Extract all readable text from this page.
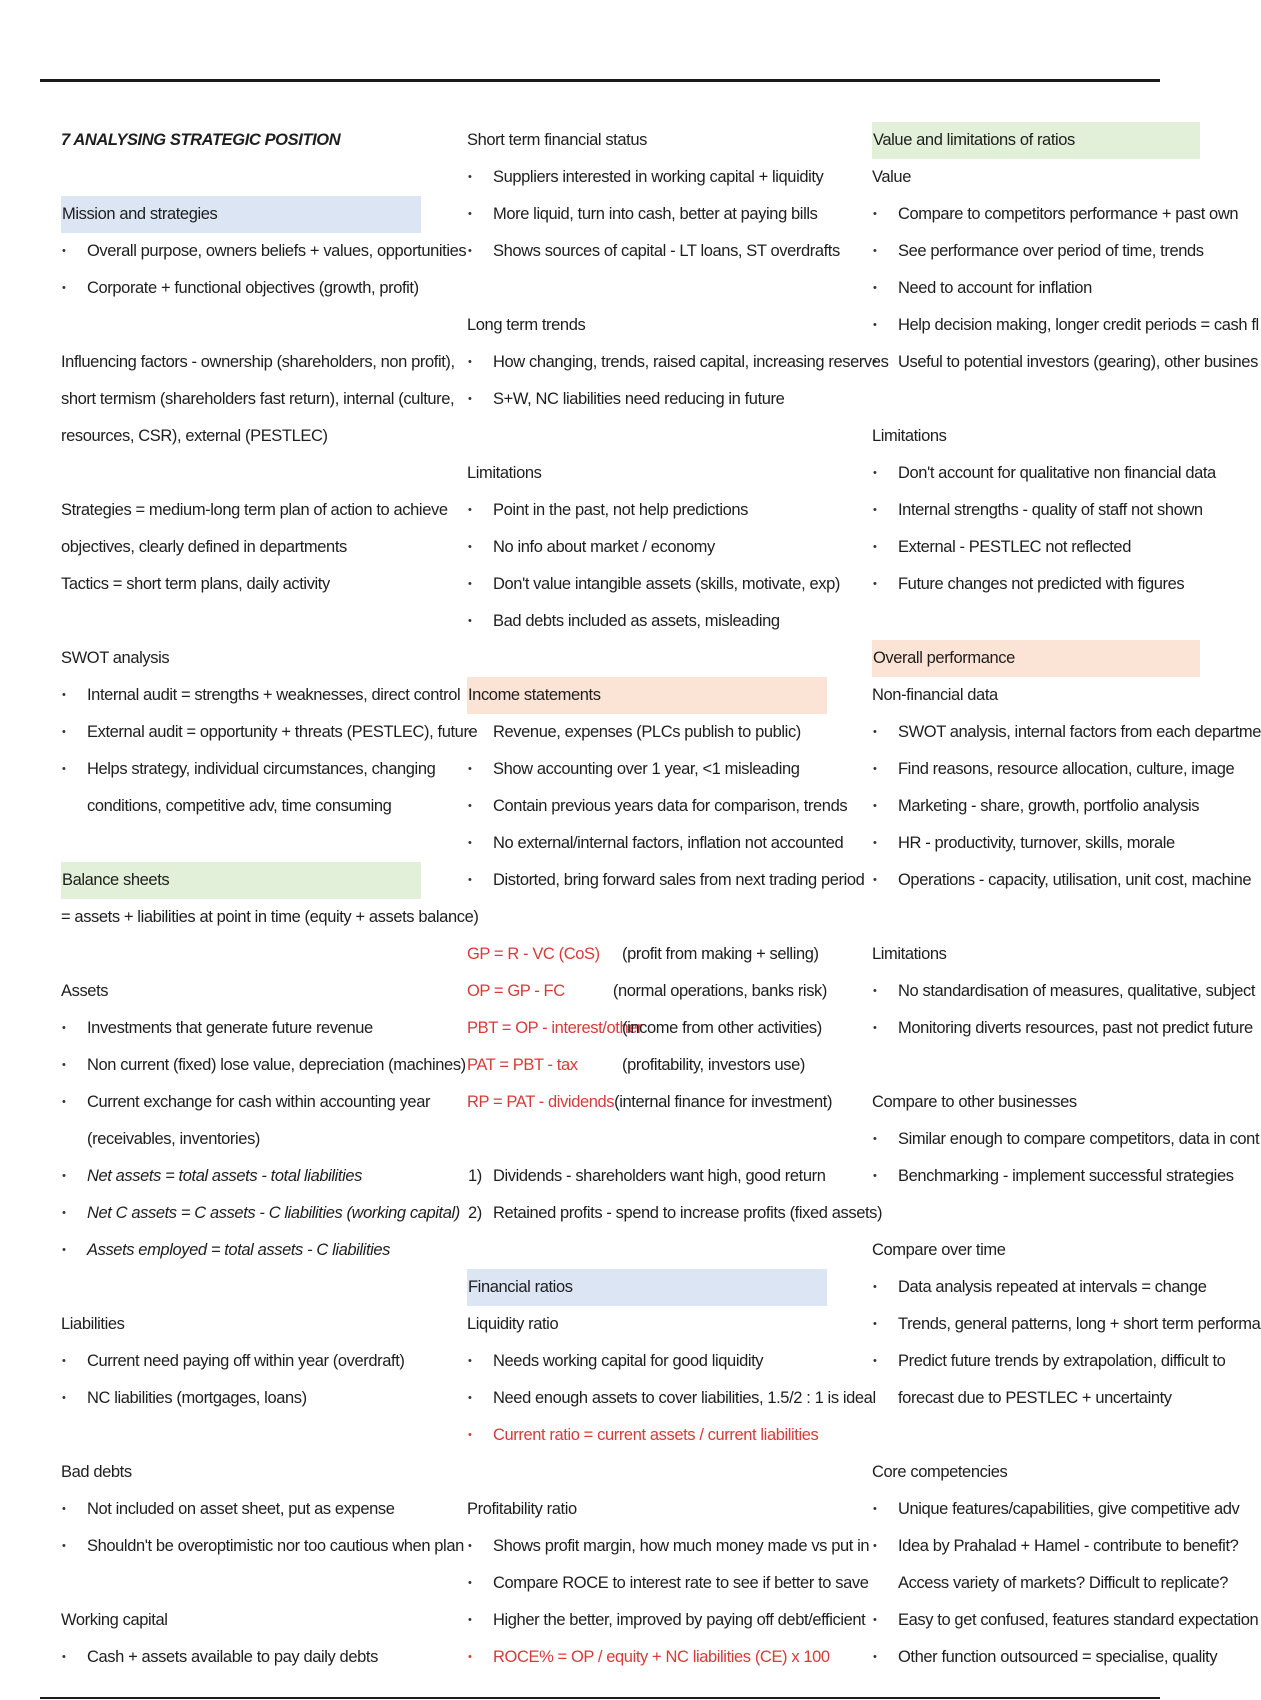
7 ANALYSING STRATEGIC POSITION
Mission and strategies
• Overall purpose, owners beliefs + values, opportunities
• Corporate + functional objectives (growth, profit)
Influencing factors - ownership (shareholders, non profit),
short termism (shareholders fast return), internal (culture,
resources, CSR), external (PESTLEC)
Strategies = medium-long term plan of action to achieve
objectives, clearly defined in departments
Tactics = short term plans, daily activity
SWOT analysis
• Internal audit = strengths + weaknesses, direct control
• External audit = opportunity + threats (PESTLEC), future
• Helps strategy, individual circumstances, changing
conditions, competitive adv, time consuming
Balance sheets
= assets + liabilities at point in time (equity + assets balance)
Assets
• Investments that generate future revenue
• Non current (fixed) lose value, depreciation (machines)
• Current exchange for cash within accounting year
(receivables, inventories)
• Net assets = total assets - total liabilities
• Net C assets = C assets - C liabilities (working capital)
• Assets employed = total assets - C liabilities
Liabilities
• Current need paying off within year (overdraft)
• NC liabilities (mortgages, loans)
Bad debts
• Not included on asset sheet, put as expense
• Shouldn't be overoptimistic nor too cautious when plan
Working capital
• Cash + assets available to pay daily debts
Short term financial status
• Suppliers interested in working capital + liquidity
• More liquid, turn into cash, better at paying bills
• Shows sources of capital - LT loans, ST overdrafts
Long term trends
• How changing, trends, raised capital, increasing reserves
• S+W, NC liabilities need reducing in future
Limitations
• Point in the past, not help predictions
• No info about market / economy
• Don't value intangible assets (skills, motivate, exp)
• Bad debts included as assets, misleading
Income statements
• Revenue, expenses (PLCs publish to public)
• Show accounting over 1 year, <1 misleading
• Contain previous years data for comparison, trends
• No external/internal factors, inflation not accounted
• Distorted, bring forward sales from next trading period
GP = R - VC (CoS)	(profit from making + selling)
OP = GP - FC	(normal operations, banks risk)
PBT = OP - interest/other
(income from other activities)
PAT = PBT - tax	(profitability, investors use)
RP = PAT - dividends (internal finance for investment)
1) Dividends - shareholders want high, good return
2) Retained profits - spend to increase profits (fixed assets)
Financial ratios
Liquidity ratio
• Needs working capital for good liquidity
• Need enough assets to cover liabilities, 1.5/2 : 1 is ideal
• Current ratio = current assets / current liabilities
Profitability ratio
• Shows profit margin, how much money made vs put in
• Compare ROCE to interest rate to see if better to save
• Higher the better, improved by paying off debt/efficient
• ROCE% = OP / equity + NC liabilities (CE) x 100
Value and limitations of ratios
Value
• Compare to competitors performance + past own
• See performance over period of time, trends
• Need to account for inflation
• Help decision making, longer credit periods = cash fl
• Useful to potential investors (gearing), other busines
Limitations
• Don't account for qualitative non financial data
• Internal strengths - quality of staff not shown
• External - PESTLEC not reflected
• Future changes not predicted with figures
Overall performance
Non-financial data
• SWOT analysis, internal factors from each departme
• Find reasons, resource allocation, culture, image
• Marketing - share, growth, portfolio analysis
• HR - productivity, turnover, skills, morale
• Operations - capacity, utilisation, unit cost, machine
Limitations
• No standardisation of measures, qualitative, subject
• Monitoring diverts resources, past not predict future
Compare to other businesses
• Similar enough to compare competitors, data in cont
• Benchmarking - implement successful strategies
Compare over time
• Data analysis repeated at intervals = change
• Trends, general patterns, long + short term performa
• Predict future trends by extrapolation, difficult to
forecast due to PESTLEC + uncertainty
Core competencies
• Unique features/capabilities, give competitive adv
• Idea by Prahalad + Hamel - contribute to benefit?
Access variety of markets? Difficult to replicate?
• Easy to get confused, features standard expectation
• Other function outsourced = specialise, quality
